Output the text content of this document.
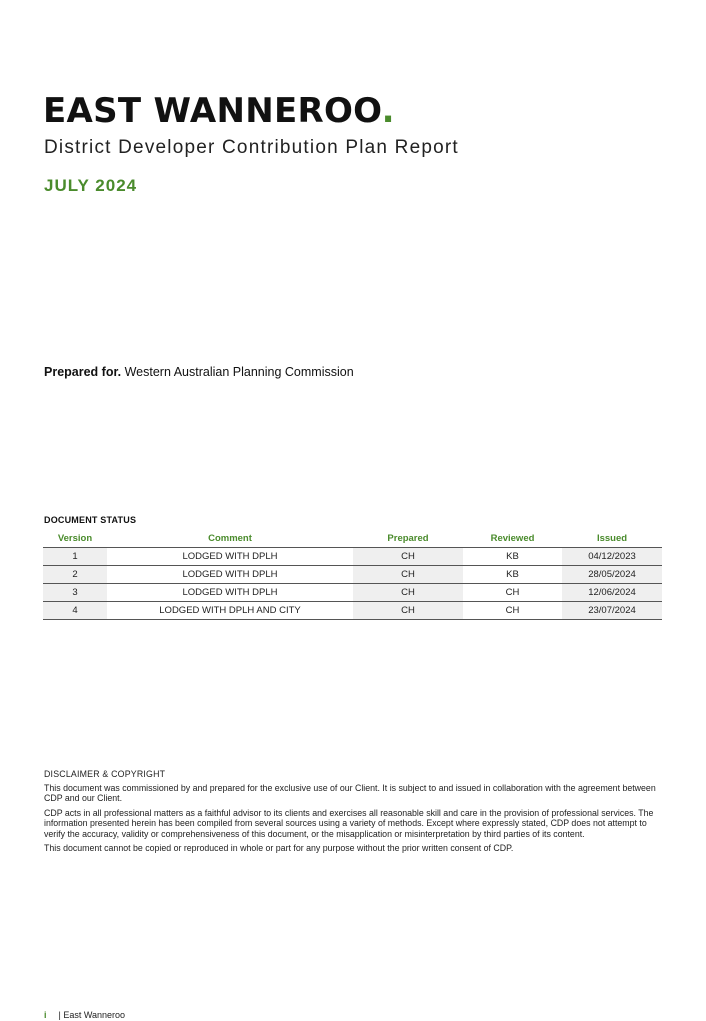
EAST WANNEROO.
District Developer Contribution Plan Report
JULY 2024
Prepared for. Western Australian Planning Commission
DOCUMENT STATUS
Version	Comment	Prepared	Reviewed	Issued
1	LODGED WITH DPLH	CH	KB	04/12/2023
2	LODGED WITH DPLH	CH	KB	28/05/2024
3	LODGED WITH DPLH	CH	CH	12/06/2024
4	LODGED WITH DPLH AND CITY	CH	CH	23/07/2024
DISCLAIMER & COPYRIGHT

This document was commissioned by and prepared for the exclusive use of our Client. It is subject to and issued in collaboration with the agreement between CDP and our Client.

CDP acts in all professional matters as a faithful advisor to its clients and exercises all reasonable skill and care in the provision of professional services. The information presented herein has been compiled from several sources using a variety of methods. Except where expressly stated, CDP does not attempt to verify the accuracy, validity or comprehensiveness of this document, or the misapplication or misinterpretation by third parties of its content.

This document cannot be copied or reproduced in whole or part for any purpose without the prior written consent of CDP.

i | East Wanneroo
